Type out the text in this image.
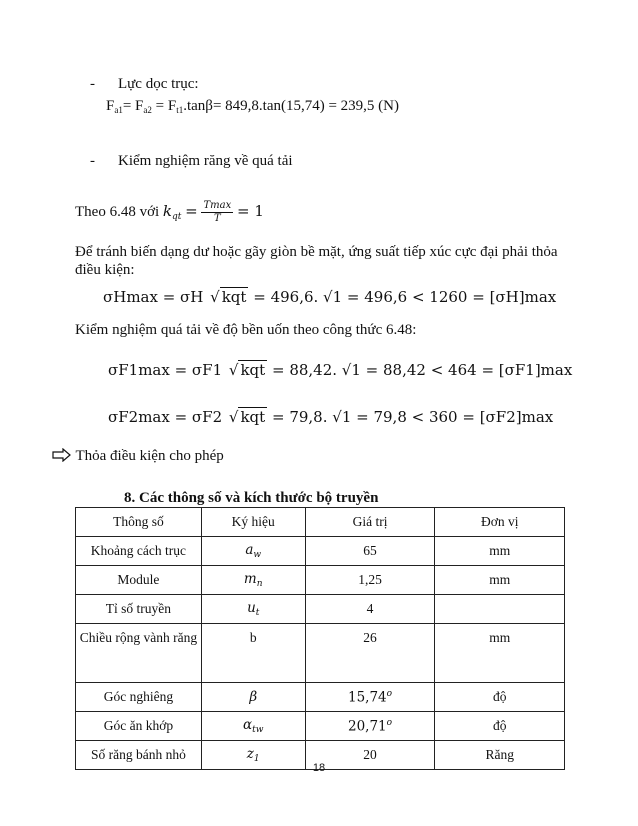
- Lực dọc trục:
$F_{a1}= F_{a2} = F_{t1}.\tan\beta= 849,8.\tan(15,74) = 239,5$ (N)
- Kiểm nghiệm răng về quá tải
Theo 6.48 với $k_{qt} = \frac{Tmax}{T} = 1$
Để tránh biến dạng dư hoặc gãy giòn bề mặt, ứng suất tiếp xúc cực đại phải thỏa điều kiện:
σHmax = σH √ kqt = 496,6. √1 = 496,6 < 1260 = [σH]max
Kiểm nghiệm quá tải về độ bền uốn theo công thức 6.48:
σF1max = σF1 √ kqt = 88,42. √1 = 88,42 < 464 = [σF1]max
σF2max = σF2 √ kqt = 79,8. √1 = 79,8 < 360 = [σF2]max
Thỏa điều kiện cho phép
8. Các thông số và kích thước bộ truyền
Thông số	Ký hiệu	Giá trị	Đơn vị
Khoảng cách trục	$a_w$	65	mm
Module	$m_n$	1,25	mm
Tỉ số truyền	$u_t$	4	
Chiều rộng vành răng	b	26	mm
Góc nghiêng	β	15,74$^o$	độ
Góc ăn khớp	$\alpha_{tw}$	20,71$^o$	độ
Số răng bánh nhỏ	$z_1$	20	Răng
18
